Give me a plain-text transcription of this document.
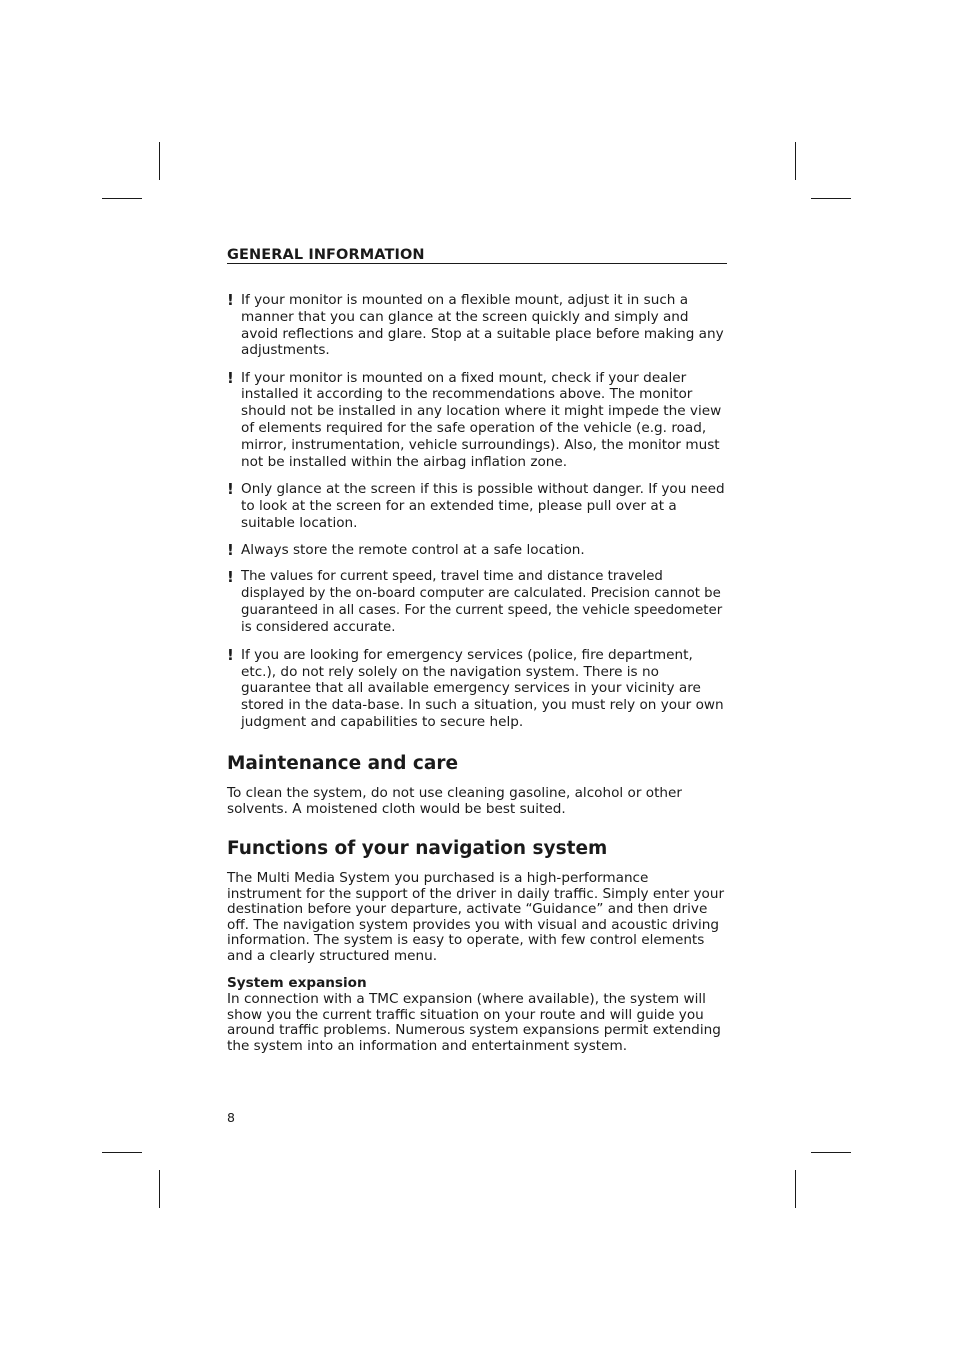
GENERAL INFORMATION
! If your monitor is mounted on a flexible mount, adjust it in such a manner that you can glance at the screen quickly and simply and avoid reflections and glare. Stop at a suitable place before making any adjustments.
! If your monitor is mounted on a fixed mount, check if your dealer installed it according to the recommendations above. The monitor should not be installed in any location where it might impede the view of elements required for the safe operation of the vehicle (e.g. road, mirror, instrumentation, vehicle surroundings). Also, the monitor must not be installed within the airbag inflation zone.
! Only glance at the screen if this is possible without danger. If you need to look at the screen for an extended time, please pull over at a suitable location.
! Always store the remote control at a safe location.
! The values for current speed, travel time and distance traveled displayed by the on-board computer are calculated. Precision cannot be guaranteed in all cases. For the current speed, the vehicle speedometer is considered accurate.
! If you are looking for emergency services (police, fire department, etc.), do not rely solely on the navigation system. There is no guarantee that all available emergency services in your vicinity are stored in the data-base. In such a situation, you must rely on your own judgment and capabilities to secure help.
Maintenance and care
To clean the system, do not use cleaning gasoline, alcohol or other solvents. A moistened cloth would be best suited.
Functions of your navigation system
The Multi Media System you purchased is a high-performance instrument for the support of the driver in daily traffic. Simply enter your destination before your departure, activate “Guidance” and then drive off. The navigation system provides you with visual and acoustic driving information. The system is easy to operate, with few control elements and a clearly structured menu.
System expansion
In connection with a TMC expansion (where available), the system will show you the current traffic situation on your route and will guide you around traffic problems. Numerous system expansions permit extending the system into an information and entertainment system.
8
